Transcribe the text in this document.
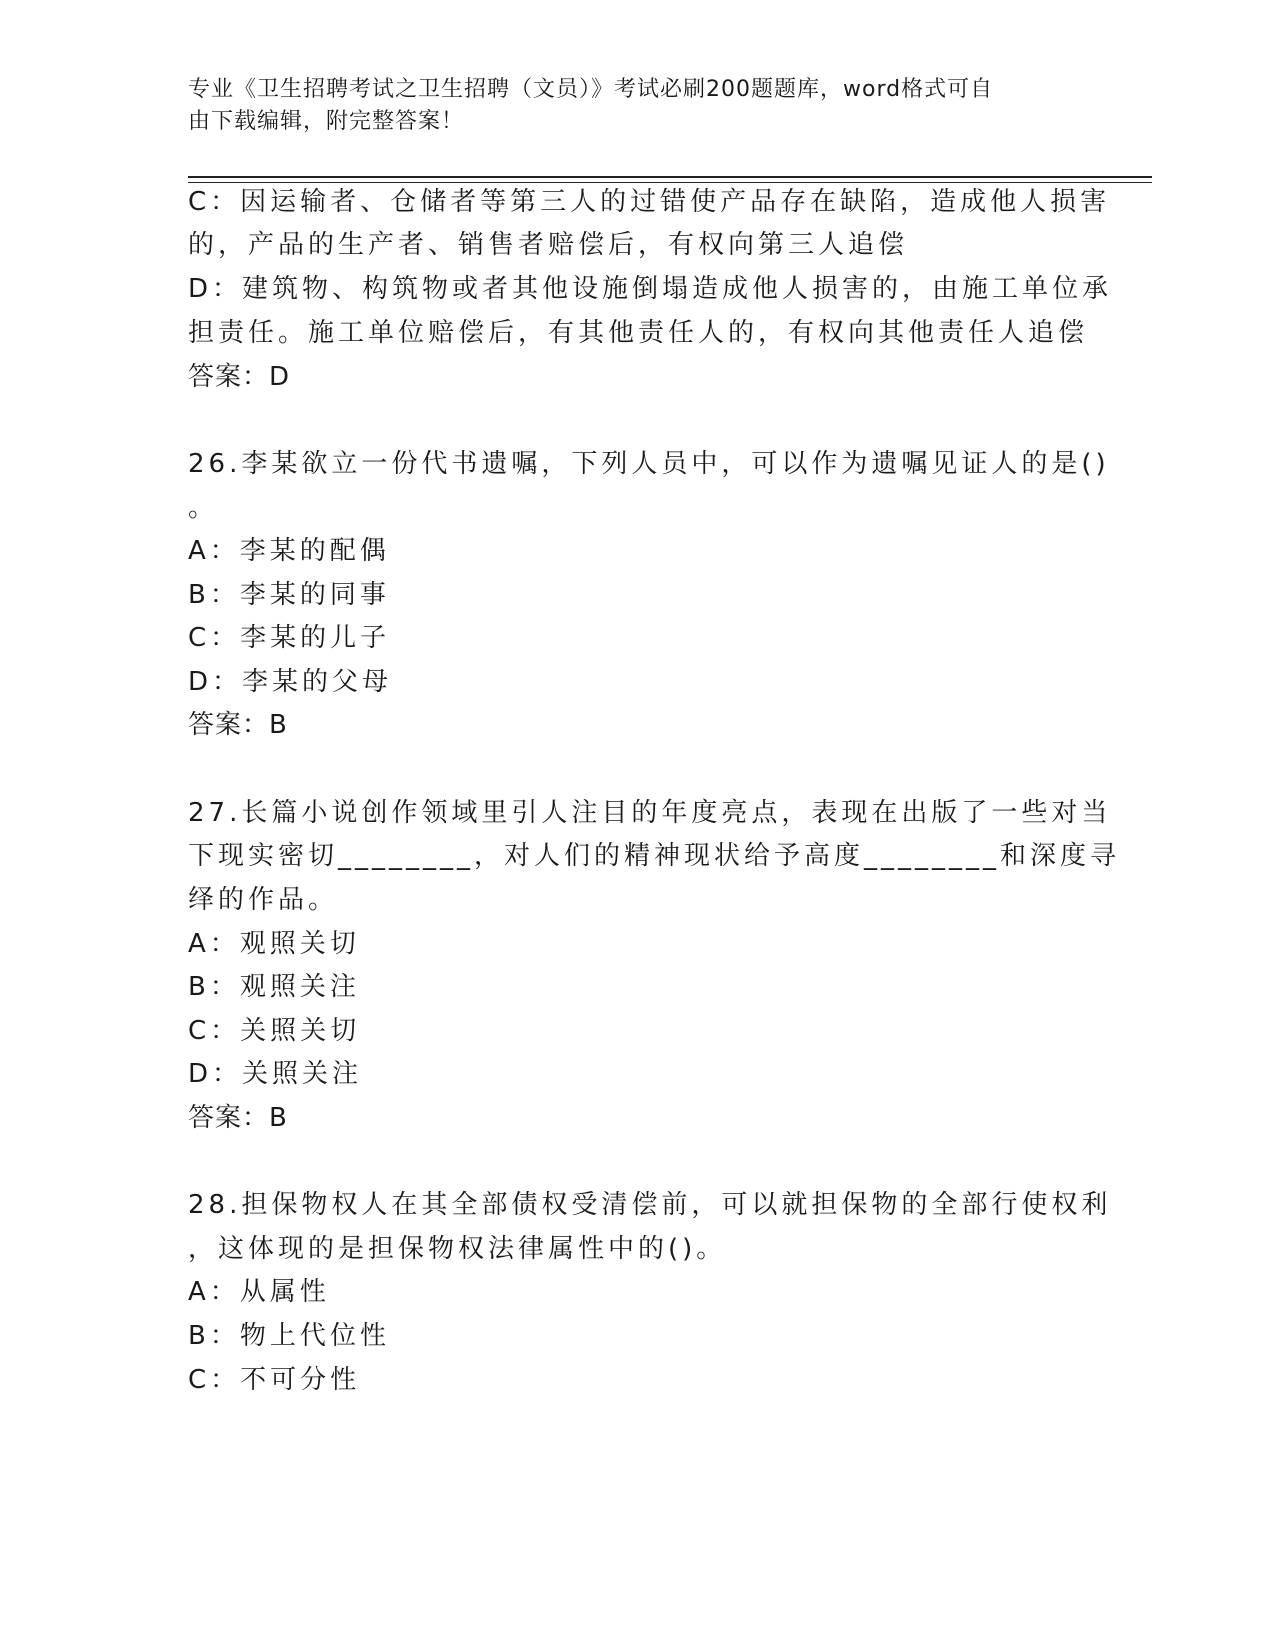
专业《卫生招聘考试之卫生招聘（文员）》考试必刷200题题库，word格式可自
由下载编辑，附完整答案！
C：因运输者、仓储者等第三人的过错使产品存在缺陷，造成他人损害
的，产品的生产者、销售者赔偿后，有权向第三人追偿
D：建筑物、构筑物或者其他设施倒塌造成他人损害的，由施工单位承
担责任。施工单位赔偿后，有其他责任人的，有权向其他责任人追偿
答案：D
26.李某欲立一份代书遗嘱，下列人员中，可以作为遗嘱见证人的是()
。
A：李某的配偶
B：李某的同事
C：李某的儿子
D：李某的父母
答案：B
27.长篇小说创作领域里引人注目的年度亮点，表现在出版了一些对当
下现实密切________，对人们的精神现状给予高度________和深度寻
绎的作品。
A：观照关切
B：观照关注
C：关照关切
D：关照关注
答案：B
28.担保物权人在其全部债权受清偿前，可以就担保物的全部行使权利
，这体现的是担保物权法律属性中的()。
A：从属性
B：物上代位性
C：不可分性
